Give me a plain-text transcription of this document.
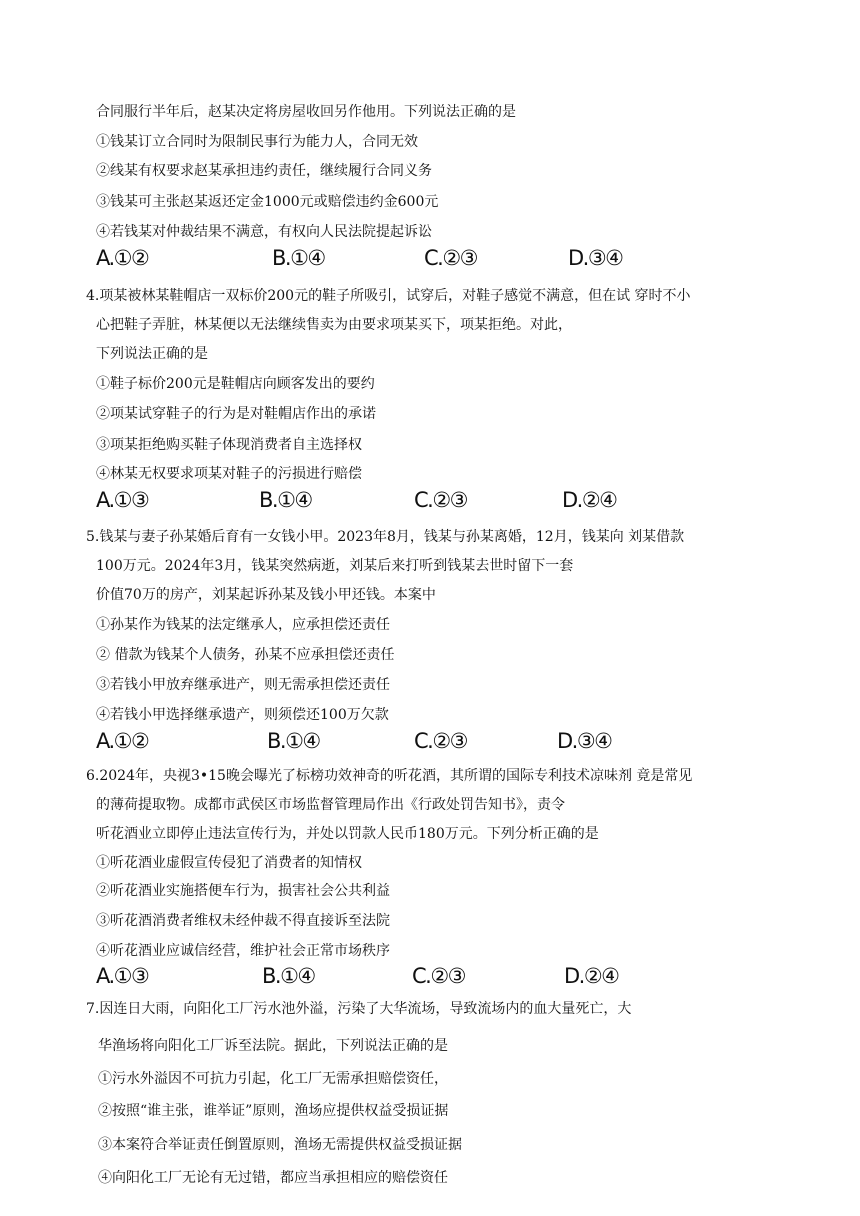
合同服行半年后，赵某决定将房屋收回另作他用。下列说法正确的是
①钱某订立合同时为限制民事行为能力人，合同无效
②线某有权要求赵某承担违约责任，继续履行合同义务
③钱某可主张赵某返还定金1000元或赔偿违约金600元
④若钱某对仲裁结果不满意，有权向人民法院提起诉讼
A.①②	B.①④	C.②③	D.③④
4.项某被林某鞋帽店一双标价200元的鞋子所吸引，试穿后，对鞋子感觉不满意，但在试 穿时不小
心把鞋子弄脏，林某便以无法继续售卖为由要求项某买下，项某拒绝。对此，
下列说法正确的是
①鞋子标价200元是鞋帽店向顾客发出的要约
②项某试穿鞋子的行为是对鞋帽店作出的承诺
③项某拒绝购买鞋子体现消费者自主选择权
④林某无权要求项某对鞋子的污损进行赔偿
A.①③	B.①④	C.②③	D.②④
5.钱某与妻子孙某婚后育有一女钱小甲。2023年8月，钱某与孙某离婚，12月，钱某向 刘某借款
100万元。2024年3月，钱某突然病逝，刘某后来打听到钱某去世时留下一套
价值70万的房产，刘某起诉孙某及钱小甲还钱。本案中
①孙某作为钱某的法定继承人，应承担偿还责任
② 借款为钱某个人债务，孙某不应承担偿还责任
③若钱小甲放弃继承进产，则无需承担偿还责任
④若钱小甲选择继承遗产，则须偿还100万欠款
A.①②	B.①④	C.②③	D.③④
6.2024年，央视3•15晚会曝光了标榜功效神奇的听花酒，其所谓的国际专利技术凉味剂 竟是常见
的薄荷提取物。成都市武侯区市场监督管理局作出《行政处罚告知书》，责令
听花酒业立即停止违法宣传行为，并处以罚款人民币180万元。下列分析正确的是
①听花酒业虚假宣传侵犯了消费者的知情权
②听花酒业实施搭便车行为，损害社会公共利益
③听花酒消费者维权未经仲裁不得直接诉至法院
④听花酒业应诚信经营，维护社会正常市场秩序
A.①③	B.①④	C.②③	D.②④
7.因连日大雨，向阳化工厂污水池外溢，污染了大华流场，导致流场内的血大量死亡，大
华渔场将向阳化工厂诉至法院。据此，下列说法正确的是
①污水外溢因不可抗力引起，化工厂无需承担赔偿资任，
②按照“谁主张，谁举证”原则，渔场应提供权益受损证据
③本案符合举证责任倒置原则，渔场无需提供权益受损证据
④向阳化工厂无论有无过错，都应当承担相应的赔偿资任
